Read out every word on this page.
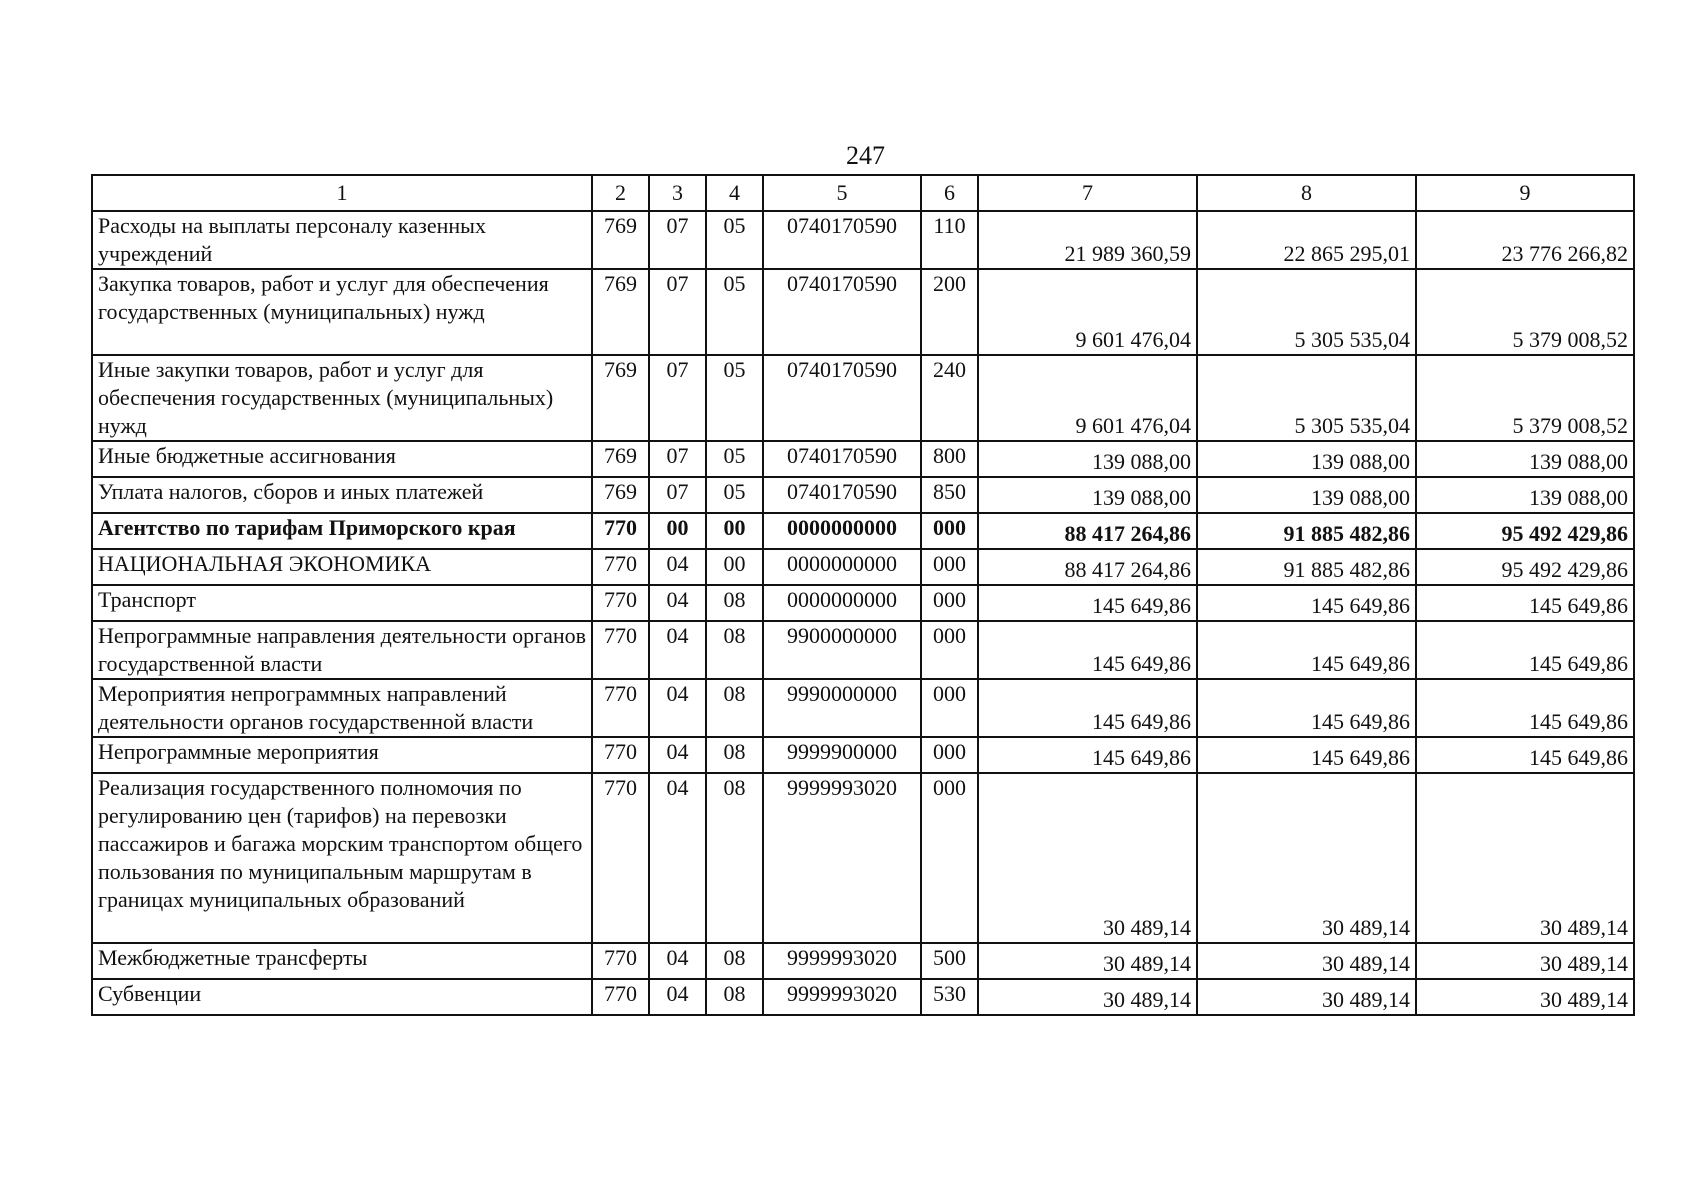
247
1	2	3	4	5	6	7	8	9
Расходы на выплаты персоналу казенных учреждений	769	07	05	0740170590	110	21 989 360,59	22 865 295,01	23 776 266,82
Закупка товаров, работ и услуг для обеспечения государственных (муниципальных) нужд	769	07	05	0740170590	200	9 601 476,04	5 305 535,04	5 379 008,52
Иные закупки товаров, работ и услуг для обеспечения государственных (муниципальных) нужд	769	07	05	0740170590	240	9 601 476,04	5 305 535,04	5 379 008,52
Иные бюджетные ассигнования	769	07	05	0740170590	800	139 088,00	139 088,00	139 088,00
Уплата налогов, сборов и иных платежей	769	07	05	0740170590	850	139 088,00	139 088,00	139 088,00
Агентство по тарифам Приморского края	770	00	00	0000000000	000	88 417 264,86	91 885 482,86	95 492 429,86
НАЦИОНАЛЬНАЯ ЭКОНОМИКА	770	04	00	0000000000	000	88 417 264,86	91 885 482,86	95 492 429,86
Транспорт	770	04	08	0000000000	000	145 649,86	145 649,86	145 649,86
Непрограммные направления деятельности органов государственной власти	770	04	08	9900000000	000	145 649,86	145 649,86	145 649,86
Мероприятия непрограммных направлений деятельности органов государственной власти	770	04	08	9990000000	000	145 649,86	145 649,86	145 649,86
Непрограммные мероприятия	770	04	08	9999900000	000	145 649,86	145 649,86	145 649,86
Реализация государственного полномочия по регулированию цен (тарифов) на перевозки пассажиров и багажа морским транспортом общего пользования по муниципальным маршрутам в границах муниципальных образований	770	04	08	9999993020	000	30 489,14	30 489,14	30 489,14
Межбюджетные трансферты	770	04	08	9999993020	500	30 489,14	30 489,14	30 489,14
Субвенции	770	04	08	9999993020	530	30 489,14	30 489,14	30 489,14
